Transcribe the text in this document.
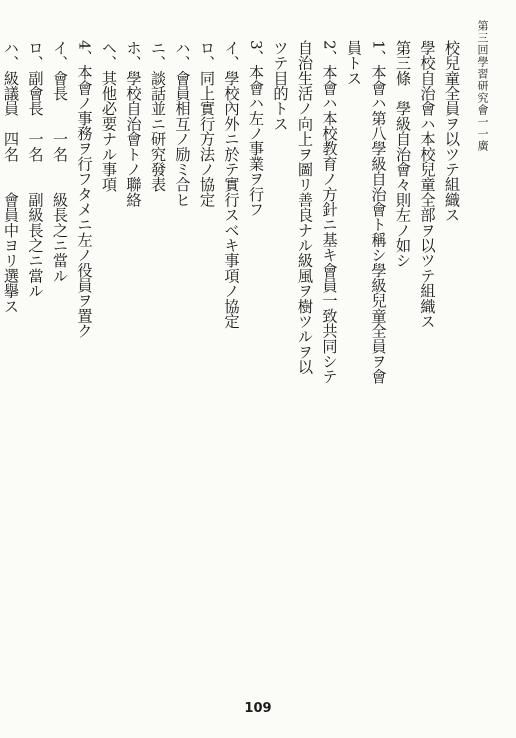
第三回學習研究會一一廣
校兒童全員ヲ以ツテ組織ス
學校自治會ハ本校兒童全部ヲ以ツテ組織ス
第三條　學級自治會々則左ノ如シ
1、本會ハ第八學級自治會ト稱シ學級兒童全員ヲ會
員トス
2、本會ハ本校教育ノ方針ニ基キ會員一致共同シテ
自治生活ノ向上ヲ圖リ善良ナル級風ヲ樹ツルヲ以
ツテ目的トス
3、本會ハ左ノ事業ヲ行フ
イ、學校內外ニ於テ實行スベキ事項ノ協定
ロ、同上實行方法ノ協定
ハ、會員相互ノ励ミ合ヒ
ニ、談話並ニ研究發表
ホ、學校自治會トノ聯絡
ヘ、其他必要ナル事項
4、本會ノ事務ヲ行フタメニ左ノ役員ヲ置ク
イ、會長　　一名　　級長之ニ當ル
ロ、副會長　一名　　副級長之ニ當ル
ハ、級議員　四名　　會員中ヨリ選擧ス
109
